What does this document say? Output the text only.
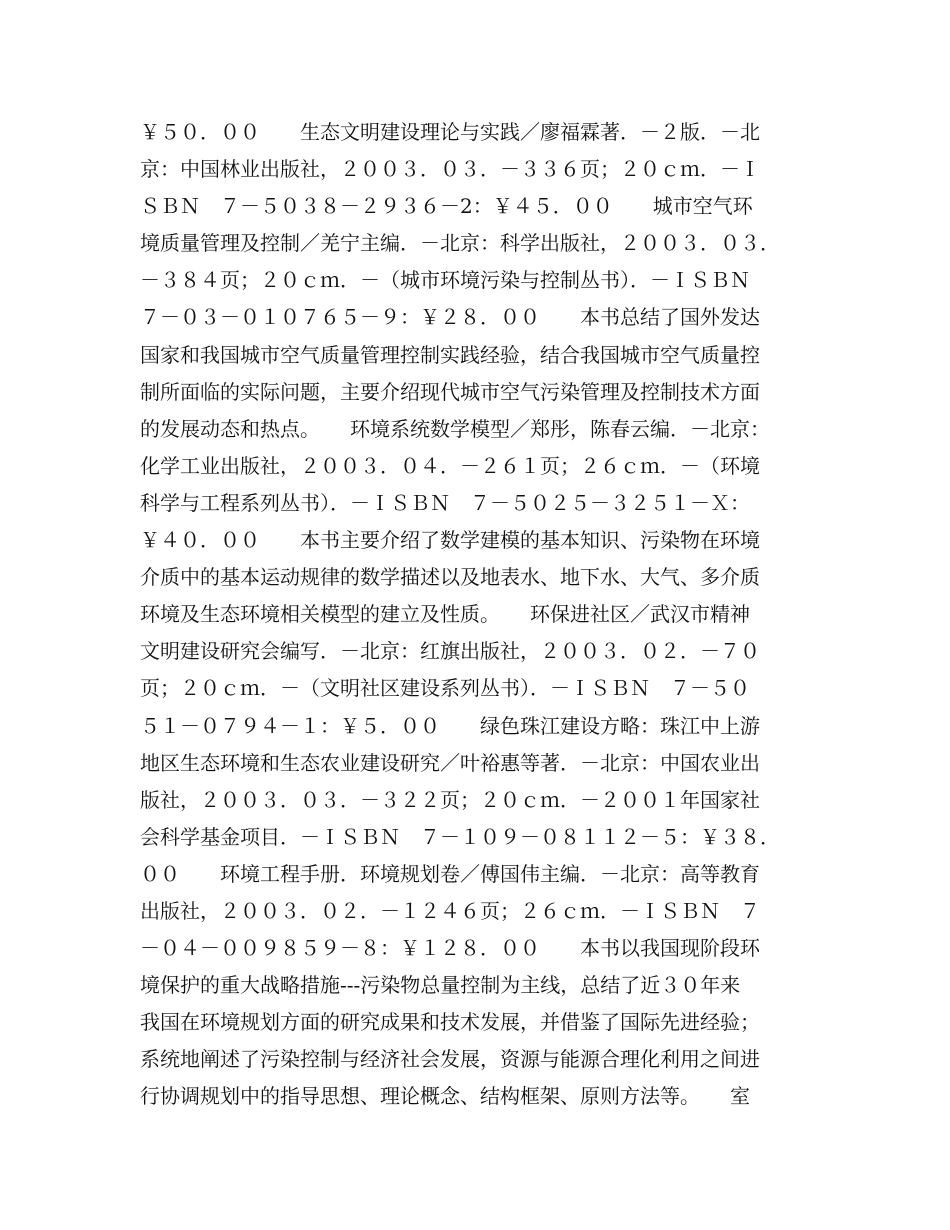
￥５０．００　　生态文明建设理论与实践／廖福霖著．－２版．－北
京：中国林业出版社，２００３．０３．－３３６页；２０ｃｍ．－Ｉ
ＳＢＮ　７－５０３８－２９３６－2：￥４５．００　　城市空气环
境质量管理及控制／羌宁主编．－北京：科学出版社，２００３．０３．
－３８４页；２０ｃｍ．－（城市环境污染与控制丛书）．－ＩＳＢＮ
７－０３－０１０７６５－９：￥２８．００　　本书总结了国外发达
国家和我国城市空气质量管理控制实践经验，结合我国城市空气质量控
制所面临的实际问题，主要介绍现代城市空气污染管理及控制技术方面
的发展动态和热点。　　环境系统数学模型／郑彤，陈春云编．－北京：
化学工业出版社，２００３．０４．－２６１页；２６ｃｍ．－（环境
科学与工程系列丛书）．－ＩＳＢＮ　７－５０２５－３２５１－Ｘ：
￥４０．００　　本书主要介绍了数学建模的基本知识、污染物在环境
介质中的基本运动规律的数学描述以及地表水、地下水、大气、多介质
环境及生态环境相关模型的建立及性质。　　环保进社区／武汉市精神
文明建设研究会编写．－北京：红旗出版社，２００３．０２．－７０
页；２０ｃｍ．－（文明社区建设系列丛书）．－ＩＳＢＮ　７－５０
５１－０７９４－１：￥５．００　　绿色珠江建设方略：珠江中上游
地区生态环境和生态农业建设研究／叶裕惠等著．－北京：中国农业出
版社，２００３．０３．－３２２页；２０ｃｍ．－２００１年国家社
会科学基金项目．－ＩＳＢＮ　７－１０９－０８１１２－５：￥３８．
００　　环境工程手册．环境规划卷／傅国伟主编．－北京：高等教育
出版社，２００３．０２．－１２４６页；２６ｃｍ．－ＩＳＢＮ　７
－０４－００９８５９－８：￥１２８．００　　本书以我国现阶段环
境保护的重大战略措施---污染物总量控制为主线，总结了近３０年来
我国在环境规划方面的研究成果和技术发展，并借鉴了国际先进经验；
系统地阐述了污染控制与经济社会发展，资源与能源合理化利用之间进
行协调规划中的指导思想、理论概念、结构框架、原则方法等。　　室
